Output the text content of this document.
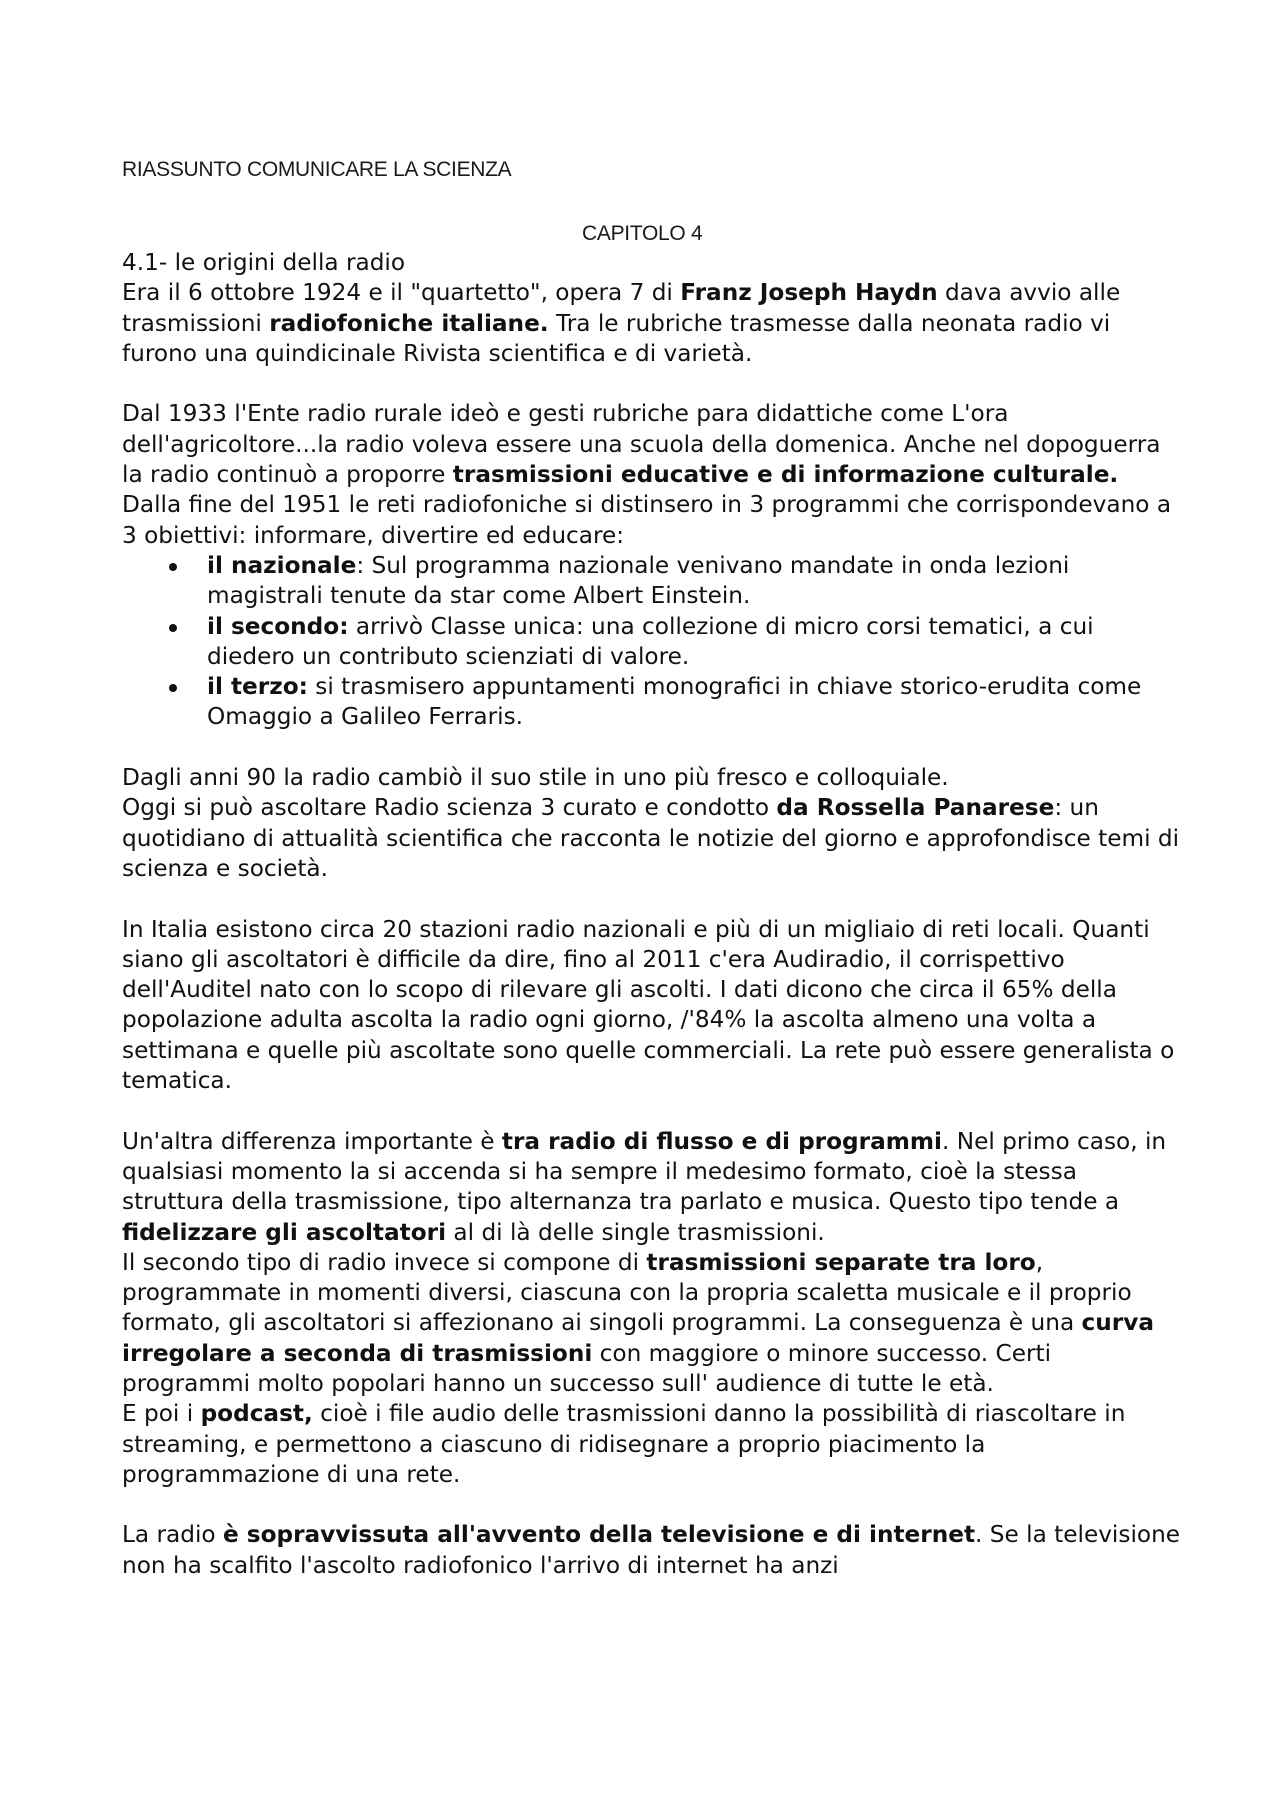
RIASSUNTO COMUNICARE LA SCIENZA
CAPITOLO 4

4.1- le origini della radio

Era il 6 ottobre 1924 e il "quartetto", opera 7 di Franz Joseph Haydn dava avvio alle trasmissioni radiofoniche italiane. Tra le rubriche trasmesse dalla neonata radio vi furono una quindicinale Rivista scientifica e di varietà.

Dal 1933 l'Ente radio rurale ideò e gesti rubriche para didattiche come L'ora dell'agricoltore...la radio voleva essere una scuola della domenica. Anche nel dopoguerra la radio continuò a proporre trasmissioni educative e di informazione culturale. Dalla fine del 1951 le reti radiofoniche si distinsero in 3 programmi che corrispondevano a 3 obiettivi: informare, divertire ed educare:

il nazionale: Sul programma nazionale venivano mandate in onda lezioni magistrali tenute da star come Albert Einstein.
il secondo: arrivò Classe unica: una collezione di micro corsi tematici, a cui diedero un contributo scienziati di valore.
il terzo: si trasmisero appuntamenti monografici in chiave storico-erudita come Omaggio a Galileo Ferraris.

Dagli anni 90 la radio cambiò il suo stile in uno più fresco e colloquiale.

Oggi si può ascoltare Radio scienza 3 curato e condotto da Rossella Panarese: un quotidiano di attualità scientifica che racconta le notizie del giorno e approfondisce temi di scienza e società.

In Italia esistono circa 20 stazioni radio nazionali e più di un migliaio di reti locali. Quanti siano gli ascoltatori è difficile da dire, fino al 2011 c'era Audiradio, il corrispettivo dell'Auditel nato con lo scopo di rilevare gli ascolti. I dati dicono che circa il 65% della popolazione adulta ascolta la radio ogni giorno, /'84% la ascolta almeno una volta a settimana e quelle più ascoltate sono quelle commerciali. La rete può essere generalista o tematica.

Un'altra differenza importante è tra radio di flusso e di programmi. Nel primo caso, in qualsiasi momento la si accenda si ha sempre il medesimo formato, cioè la stessa struttura della trasmissione, tipo alternanza tra parlato e musica. Questo tipo tende a fidelizzare gli ascoltatori al di là delle single trasmissioni.

Il secondo tipo di radio invece si compone di trasmissioni separate tra loro, programmate in momenti diversi, ciascuna con la propria scaletta musicale e il proprio formato, gli ascoltatori si affezionano ai singoli programmi. La conseguenza è una curva irregolare a seconda di trasmissioni con maggiore o minore successo. Certi programmi molto popolari hanno un successo sull' audience di tutte le età.

E poi i podcast, cioè i file audio delle trasmissioni danno la possibilità di riascoltare in streaming, e permettono a ciascuno di ridisegnare a proprio piacimento la programmazione di una rete.

La radio è sopravvissuta all'avvento della televisione e di internet. Se la televisione non ha scalfito l'ascolto radiofonico l'arrivo di internet ha anzi
